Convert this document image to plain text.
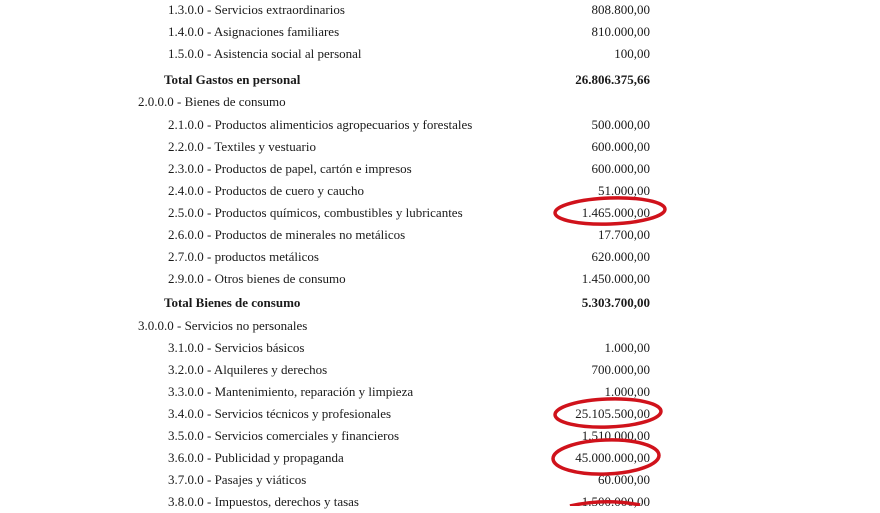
1.3.0.0 - Servicios extraordinarios	808.800,00
1.4.0.0 - Asignaciones familiares	810.000,00
1.5.0.0 - Asistencia social al personal	100,00
Total Gastos en personal	26.806.375,66
2.0.0.0 - Bienes de consumo
2.1.0.0 - Productos alimenticios agropecuarios y forestales	500.000,00
2.2.0.0 - Textiles y vestuario	600.000,00
2.3.0.0 - Productos de papel, cartón e impresos	600.000,00
2.4.0.0 - Productos de cuero y caucho	51.000,00
2.5.0.0 - Productos químicos, combustibles y lubricantes	1.465.000,00
2.6.0.0 - Productos de minerales no metálicos	17.700,00
2.7.0.0 - productos metálicos	620.000,00
2.9.0.0 - Otros bienes de consumo	1.450.000,00
Total Bienes de consumo	5.303.700,00
3.0.0.0 - Servicios no personales
3.1.0.0 - Servicios básicos	1.000,00
3.2.0.0 - Alquileres y derechos	700.000,00
3.3.0.0 - Mantenimiento, reparación y limpieza	1.000,00
3.4.0.0 - Servicios técnicos y profesionales	25.105.500,00
3.5.0.0 - Servicios comerciales y financieros	1.510.000,00
3.6.0.0 - Publicidad y propaganda	45.000.000,00
3.7.0.0 - Pasajes y viáticos	60.000,00
3.8.0.0 - Impuestos, derechos y tasas	1.500.000,00
